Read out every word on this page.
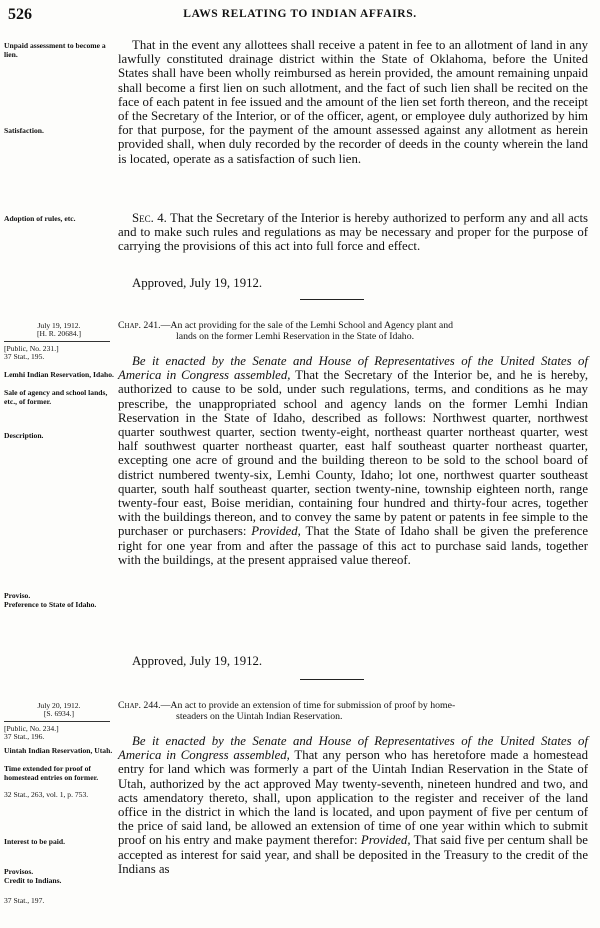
526	LAWS RELATING TO INDIAN AFFAIRS.
Unpaid assessment to become a lien.

That in the event any allottees shall receive a patent in fee to an allotment of land in any lawfully constituted drainage district within the State of Oklahoma, before the United States shall have been wholly reimbursed as herein provided, the amount remaining unpaid shall become a first lien on such allotment, and the fact of such lien shall be recited on the face of each patent in fee issued and the amount of the lien set forth thereon, and the receipt of the Secretary of the Interior, or of the officer, agent, or employee duly authorized by him for that purpose, for the payment of the amount assessed against any allotment as herein provided shall, when duly recorded by the recorder of deeds in the county wherein the land is located, operate as a satisfaction of such lien.

Satisfaction.
Adoption of rules, etc.	Sec. 4. That the Secretary of the Interior is hereby authorized to perform any and all acts and to make such rules and regulations as may be necessary and proper for the purpose of carrying the provisions of this act into full force and effect.

Approved, July 19, 1912.
July 19, 1912.
[H. R. 20684.]
[Public, No. 231.]
37 Stat., 195.
Chap. 241.—An act providing for the sale of the Lemhi School and Agency plant and
lands on the former Lemhi Reservation in the State of Idaho.
Lemhi Indian Reservation, Idaho.
Sale of agency and school lands, etc., of former.
Description.
Proviso.
Preference to State of Idaho.

Be it enacted by the Senate and House of Representatives of the United States of America in Congress assembled, That the Secretary of the Interior be, and he is hereby, authorized to cause to be sold, under such regulations, terms, and conditions as he may prescribe, the unappropriated school and agency lands on the former Lemhi Indian Reservation in the State of Idaho, described as follows: Northwest quarter, northwest quarter southwest quarter, section twenty-eight, northeast quarter northeast quarter, west half southwest quarter northeast quarter, east half southeast quarter northeast quarter, excepting one acre of ground and the building thereon to be sold to the school board of district numbered twenty-six, Lemhi County, Idaho; lot one, northwest quarter southeast quarter, south half southeast quarter, section twenty-nine, township eighteen north, range twenty-four east, Boise meridian, containing four hundred and thirty-four acres, together with the buildings thereon, and to convey the same by patent or patents in fee simple to the purchaser or purchasers: Provided, That the State of Idaho shall be given the preference right for one year from and after the passage of this act to purchase said lands, together with the buildings, at the present appraised value thereof.

Approved, July 19, 1912.
July 20, 1912.
[S. 6934.]
[Public, No. 234.]
37 Stat., 196.
Chap. 244.—An act to provide an extension of time for submission of proof by home-
steaders on the Uintah Indian Reservation.
Uintah Indian Reservation, Utah.
Time extended for proof of homestead entries on former.
32 Stat., 263, vol. 1, p. 753.
Interest to be paid.
Provisos.
Credit to Indians.
37 Stat., 197.

Be it enacted by the Senate and House of Representatives of the United States of America in Congress assembled, That any person who has heretofore made a homestead entry for land which was formerly a part of the Uintah Indian Reservation in the State of Utah, authorized by the act approved May twenty-seventh, nineteen hundred and two, and acts amendatory thereto, shall, upon application to the register and receiver of the land office in the district in which the land is located, and upon payment of five per centum of the price of said land, be allowed an extension of time of one year within which to submit proof on his entry and make payment therefor: Provided, That said five per centum shall be accepted as interest for said year, and shall be deposited in the Treasury to the credit of the Indians as
